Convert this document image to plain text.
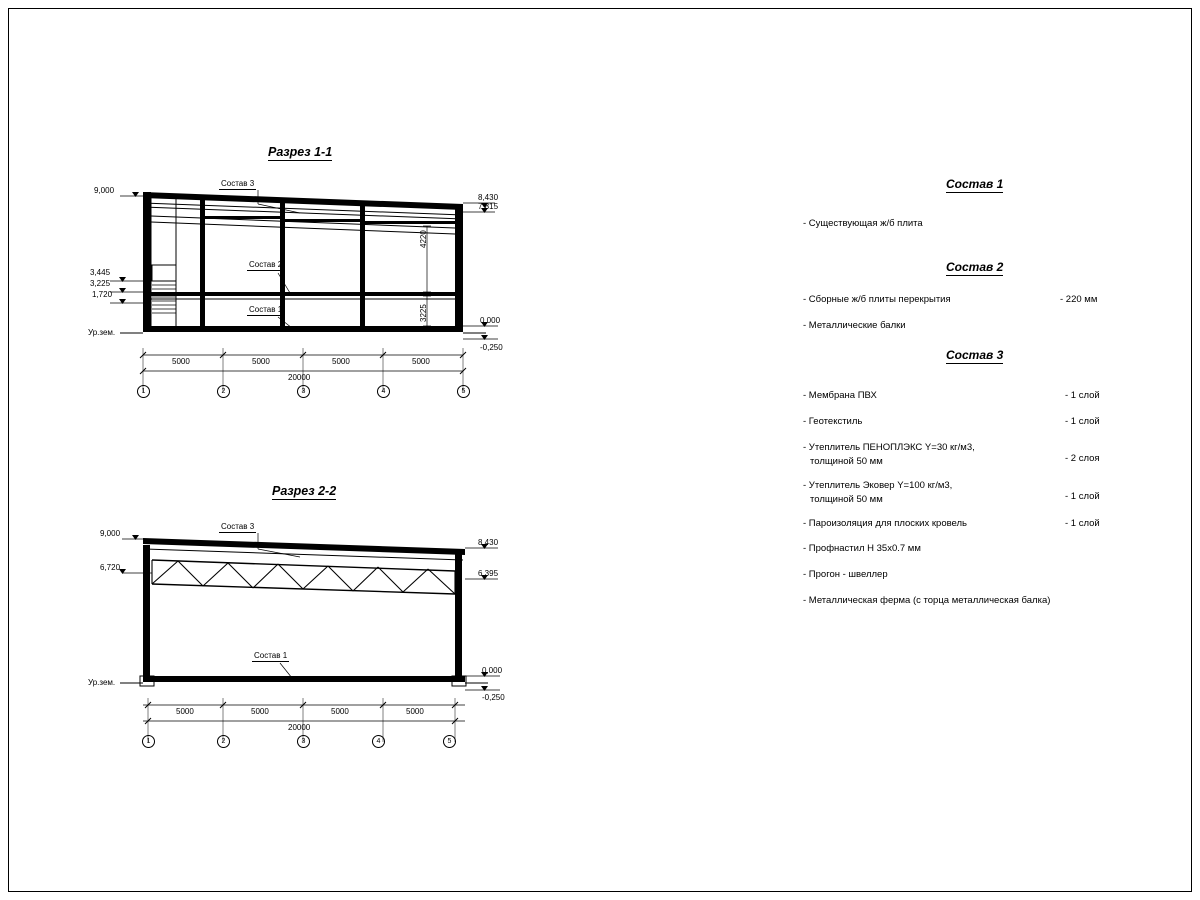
Разрез 1-1
9,000
3,445
3,225
1,720
Ур.зем.
8,430
7,815
0,000
-0,250
Состав 3
Состав 2
Состав 1
4220
3225
5000	5000	5000	5000
20000
1	2	3	4	5
Разрез 2-2
9,000
6,720
Ур.зем.
8,430
6,395
0,000
-0,250
Состав 3
Состав 1
5000	5000	5000	5000
20000
1	2	3	4	5
Состав 1
- Существующая ж/б плита
Состав 2
- Сборные ж/б плиты перекрытия	- 220 мм
- Металлические балки
Состав 3
- Мембрана ПВХ	- 1 слой
- Геотекстиль	- 1 слой
- Утеплитель ПЕНОПЛЭКС Y=30 кг/м3,
толщиной 50 мм	- 2 слоя
- Утеплитель Эковер Y=100 кг/м3,
толщиной 50 мм	- 1 слой
- Пароизоляция для плоских кровель	- 1 слой
- Профнастил Н 35х0.7 мм
- Прогон - швеллер
- Металлическая ферма (с торца металлическая балка)
